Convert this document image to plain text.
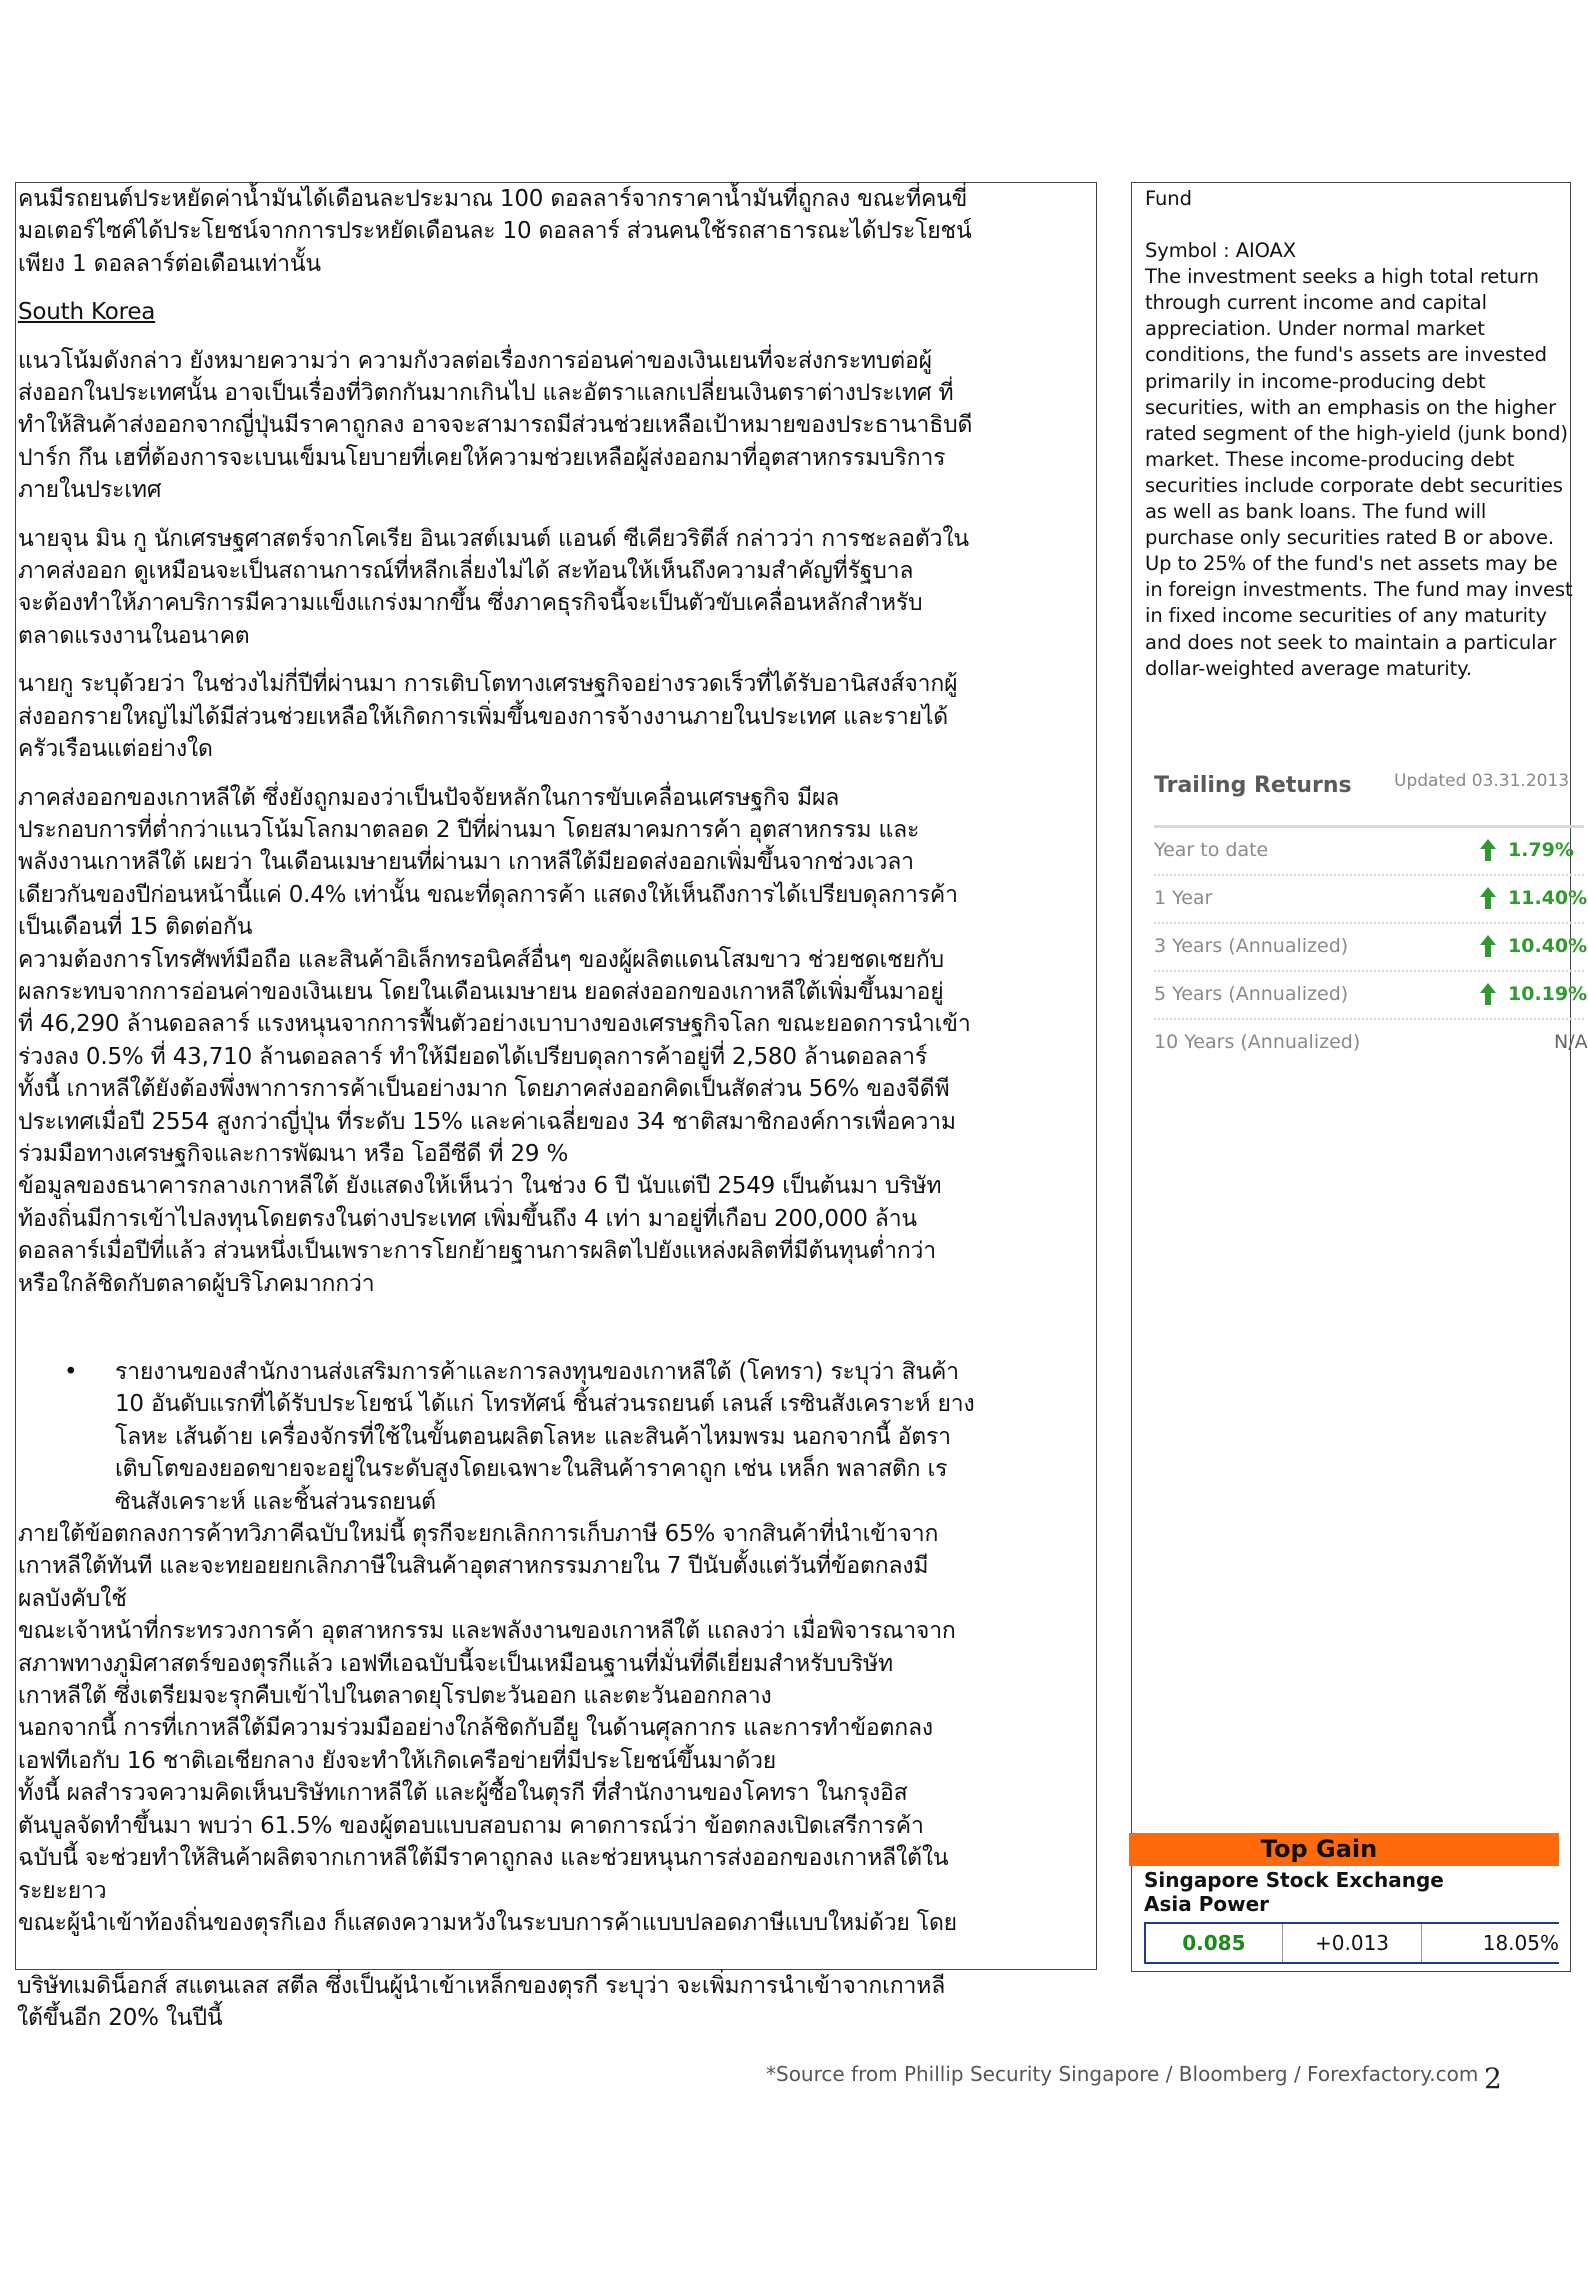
คนมีรถยนต์ประหยัดค่าน้ำมันได้เดือนละประมาณ 100 ดอลลาร์จากราคาน้ำมันที่ถูกลง ขณะที่คนขี่

มอเตอร์ไซค์ได้ประโยชน์จากการประหยัดเดือนละ 10 ดอลลาร์ ส่วนคนใช้รถสาธารณะได้ประโยชน์

เพียง 1 ดอลลาร์ต่อเดือนเท่านั้น

South Korea

แนวโน้มดังกล่าว ยังหมายความว่า ความกังวลต่อเรื่องการอ่อนค่าของเงินเยนที่จะส่งกระทบต่อผู้

ส่งออกในประเทศนั้น อาจเป็นเรื่องที่วิตกกันมากเกินไป และอัตราแลกเปลี่ยนเงินตราต่างประเทศ ที่

ทำให้สินค้าส่งออกจากญี่ปุ่นมีราคาถูกลง อาจจะสามารถมีส่วนช่วยเหลือเป้าหมายของประธานาธิบดี

ปาร์ก กึน เฮที่ต้องการจะเบนเข็มนโยบายที่เคยให้ความช่วยเหลือผู้ส่งออกมาที่อุตสาหกรรมบริการ

ภายในประเทศ

นายจุน มิน กู นักเศรษฐศาสตร์จากโคเรีย อินเวสต์เมนต์ แอนด์ ซีเคียวริตีส์ กล่าวว่า การชะลอตัวใน

ภาคส่งออก ดูเหมือนจะเป็นสถานการณ์ที่หลีกเลี่ยงไม่ได้ สะท้อนให้เห็นถึงความสำคัญที่รัฐบาล

จะต้องทำให้ภาคบริการมีความแข็งแกร่งมากขึ้น ซึ่งภาคธุรกิจนี้จะเป็นตัวขับเคลื่อนหลักสำหรับ

ตลาดแรงงานในอนาคต

นายกู ระบุด้วยว่า ในช่วงไม่กี่ปีที่ผ่านมา การเติบโตทางเศรษฐกิจอย่างรวดเร็วที่ได้รับอานิสงส์จากผู้

ส่งออกรายใหญ่ไม่ได้มีส่วนช่วยเหลือให้เกิดการเพิ่มขึ้นของการจ้างงานภายในประเทศ และรายได้

ครัวเรือนแต่อย่างใด

ภาคส่งออกของเกาหลีใต้ ซึ่งยังถูกมองว่าเป็นปัจจัยหลักในการขับเคลื่อนเศรษฐกิจ มีผล

ประกอบการที่ต่ำกว่าแนวโน้มโลกมาตลอด 2 ปีที่ผ่านมา โดยสมาคมการค้า อุตสาหกรรม และ

พลังงานเกาหลีใต้ เผยว่า ในเดือนเมษายนที่ผ่านมา เกาหลีใต้มียอดส่งออกเพิ่มขึ้นจากช่วงเวลา

เดียวกันของปีก่อนหน้านี้แค่ 0.4% เท่านั้น ขณะที่ดุลการค้า แสดงให้เห็นถึงการได้เปรียบดุลการค้า

เป็นเดือนที่ 15 ติดต่อกัน

ความต้องการโทรศัพท์มือถือ และสินค้าอิเล็กทรอนิคส์อื่นๆ ของผู้ผลิตแดนโสมขาว ช่วยชดเชยกับ

ผลกระทบจากการอ่อนค่าของเงินเยน โดยในเดือนเมษายน ยอดส่งออกของเกาหลีใต้เพิ่มขึ้นมาอยู่

ที่ 46,290 ล้านดอลลาร์ แรงหนุนจากการฟื้นตัวอย่างเบาบางของเศรษฐกิจโลก ขณะยอดการนำเข้า

ร่วงลง 0.5% ที่ 43,710 ล้านดอลลาร์ ทำให้มียอดได้เปรียบดุลการค้าอยู่ที่ 2,580 ล้านดอลลาร์

ทั้งนี้ เกาหลีใต้ยังต้องพึ่งพาการการค้าเป็นอย่างมาก โดยภาคส่งออกคิดเป็นสัดส่วน 56% ของจีดีพี

ประเทศเมื่อปี 2554 สูงกว่าญี่ปุ่น ที่ระดับ 15% และค่าเฉลี่ยของ 34 ชาติสมาชิกองค์การเพื่อความ

ร่วมมือทางเศรษฐกิจและการพัฒนา หรือ โออีซีดี ที่ 29 %

ข้อมูลของธนาคารกลางเกาหลีใต้ ยังแสดงให้เห็นว่า ในช่วง 6 ปี นับแต่ปี 2549 เป็นต้นมา บริษัท

ท้องถิ่นมีการเข้าไปลงทุนโดยตรงในต่างประเทศ เพิ่มขึ้นถึง 4 เท่า มาอยู่ที่เกือบ 200,000 ล้าน

ดอลลาร์เมื่อปีที่แล้ว ส่วนหนึ่งเป็นเพราะการโยกย้ายฐานการผลิตไปยังแหล่งผลิตที่มีต้นทุนต่ำกว่า

หรือใกล้ชิดกับตลาดผู้บริโภคมากกว่า

• รายงานของสำนักงานส่งเสริมการค้าและการลงทุนของเกาหลีใต้ (โคทรา) ระบุว่า สินค้า

10 อันดับแรกที่ได้รับประโยชน์ ได้แก่ โทรทัศน์ ชิ้นส่วนรถยนต์ เลนส์ เรซินสังเคราะห์ ยาง

โลหะ เส้นด้าย เครื่องจักรที่ใช้ในขั้นตอนผลิตโลหะ และสินค้าไหมพรม นอกจากนี้ อัตรา

เติบโตของยอดขายจะอยู่ในระดับสูงโดยเฉพาะในสินค้าราคาถูก เช่น เหล็ก พลาสติก เร

ซินสังเคราะห์ และชิ้นส่วนรถยนต์

ภายใต้ข้อตกลงการค้าทวิภาคีฉบับใหม่นี้ ตุรกีจะยกเลิกการเก็บภาษี 65% จากสินค้าที่นำเข้าจาก

เกาหลีใต้ทันที และจะทยอยยกเลิกภาษีในสินค้าอุตสาหกรรมภายใน 7 ปีนับตั้งแต่วันที่ข้อตกลงมี

ผลบังคับใช้

ขณะเจ้าหน้าที่กระทรวงการค้า อุตสาหกรรม และพลังงานของเกาหลีใต้ แถลงว่า เมื่อพิจารณาจาก

สภาพทางภูมิศาสตร์ของตุรกีแล้ว เอฟทีเอฉบับนี้จะเป็นเหมือนฐานที่มั่นที่ดีเยี่ยมสำหรับบริษัท

เกาหลีใต้ ซึ่งเตรียมจะรุกคืบเข้าไปในตลาดยุโรปตะวันออก และตะวันออกกลาง

นอกจากนี้ การที่เกาหลีใต้มีความร่วมมืออย่างใกล้ชิดกับอียู ในด้านศุลกากร และการทำข้อตกลง

เอฟทีเอกับ 16 ชาติเอเชียกลาง ยังจะทำให้เกิดเครือข่ายที่มีประโยชน์ขึ้นมาด้วย

ทั้งนี้ ผลสำรวจความคิดเห็นบริษัทเกาหลีใต้ และผู้ซื้อในตุรกี ที่สำนักงานของโคทรา ในกรุงอิส

ตันบูลจัดทำขึ้นมา พบว่า 61.5% ของผู้ตอบแบบสอบถาม คาดการณ์ว่า ข้อตกลงเปิดเสรีการค้า

ฉบับนี้ จะช่วยทำให้สินค้าผลิตจากเกาหลีใต้มีราคาถูกลง และช่วยหนุนการส่งออกของเกาหลีใต้ใน

ระยะยาว

ขณะผู้นำเข้าท้องถิ่นของตุรกีเอง ก็แสดงความหวังในระบบการค้าแบบปลอดภาษีแบบใหม่ด้วย โดย

บริษัทเมดิน็อกส์ สแตนเลส สตีล ซึ่งเป็นผู้นำเข้าเหล็กของตุรกี ระบุว่า จะเพิ่มการนำเข้าจากเกาหลี

ใต้ขึ้นอีก 20% ในปีนี้

Fund

Symbol : AIOAX

The investment seeks a high total return

through current income and capital

appreciation. Under normal market

conditions, the fund's assets are invested

primarily in income-producing debt

securities, with an emphasis on the higher

rated segment of the high-yield (junk bond)

market. These income-producing debt

securities include corporate debt securities

as well as bank loans. The fund will

purchase only securities rated B or above.

Up to 25% of the fund's net assets may be

in foreign investments. The fund may invest

in fixed income securities of any maturity

and does not seek to maintain a particular

dollar-weighted average maturity.

Trailing Returns Updated 03.31.2013
Year to date	1.79%
1 Year	11.40%
3 Years (Annualized)	10.40%
5 Years (Annualized)	10.19%
10 Years (Annualized)	N/A
Top Gain
Singapore Stock Exchange
Asia Power
0.085	+0.013	18.05%
*Source from Phillip Security Singapore / Bloomberg / Forexfactory.com 2
